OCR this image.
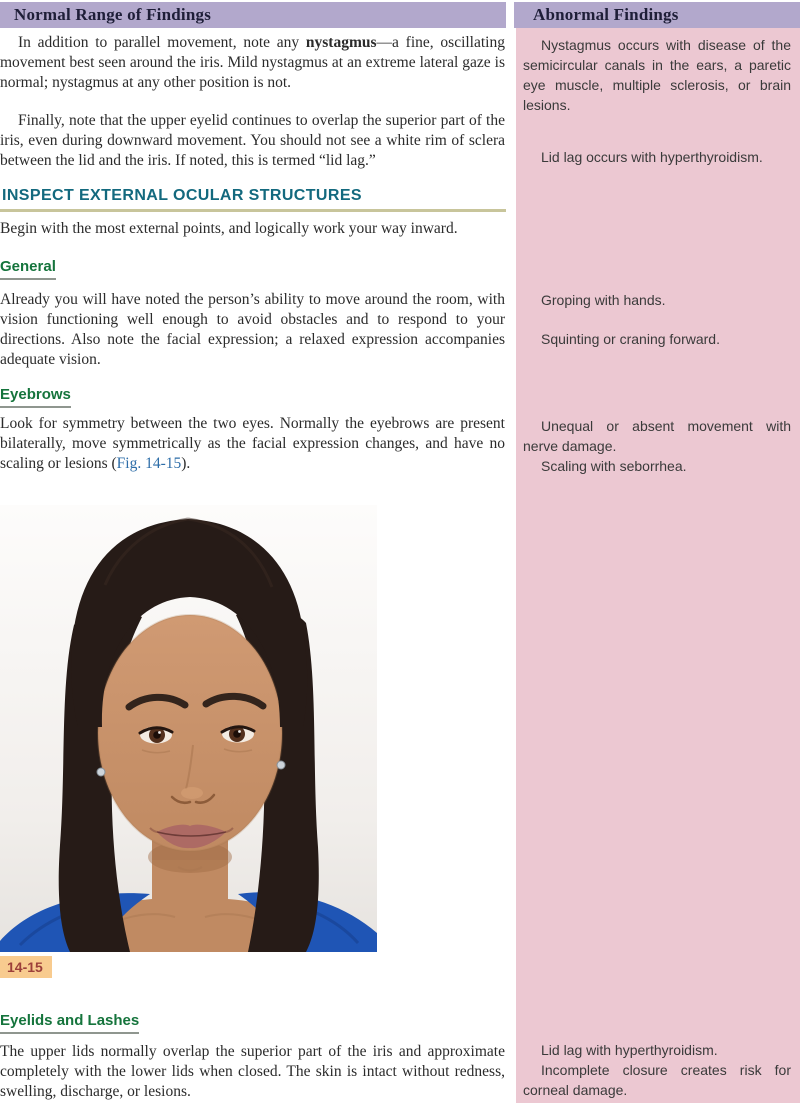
Normal Range of Findings	Abnormal Findings

In addition to parallel movement, note any nystagmus—a fine, oscillating movement best seen around the iris. Mild nystagmus at an extreme lateral gaze is normal; nystagmus at any other position is not.

Finally, note that the upper eyelid continues to overlap the superior part of the iris, even during downward movement. You should not see a white rim of sclera between the lid and the iris. If noted, this is termed “lid lag.”

INSPECT EXTERNAL OCULAR STRUCTURES

Begin with the most external points, and logically work your way inward.

General

Already you will have noted the person’s ability to move around the room, with vision functioning well enough to avoid obstacles and to respond to your directions. Also note the facial expression; a relaxed expression accompanies adequate vision.

Eyebrows

Look for symmetry between the two eyes. Normally the eyebrows are present bilaterally, move symmetrically as the facial expression changes, and have no scaling or lesions (Fig. 14-15).

14-15
Eyelids and Lashes

The upper lids normally overlap the superior part of the iris and approximate completely with the lower lids when closed. The skin is intact without redness, swelling, discharge, or lesions.

Nystagmus occurs with disease of the semicircular canals in the ears, a paretic eye muscle, multiple sclerosis, or brain lesions.

Lid lag occurs with hyperthyroidism.

Groping with hands.

Squinting or craning forward.

Unequal or absent movement with nerve damage.

Scaling with seborrhea.

Lid lag with hyperthyroidism.

Incomplete closure creates risk for corneal damage.
